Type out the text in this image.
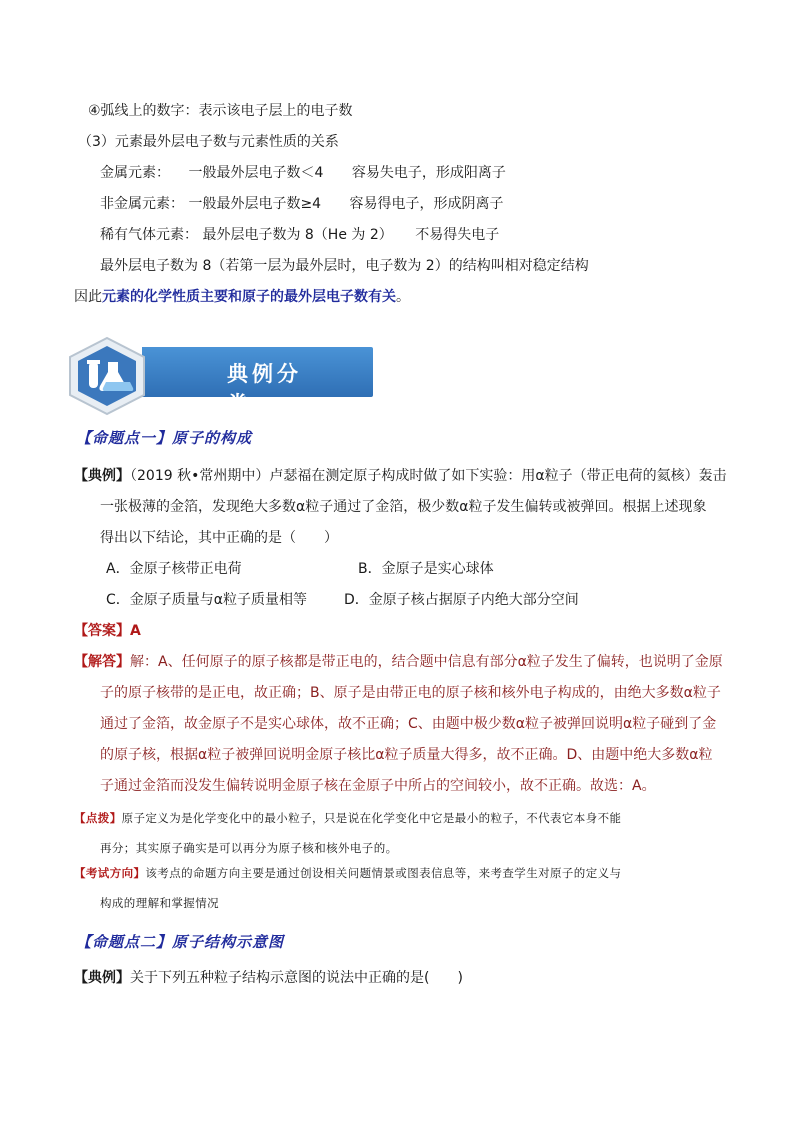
④弧线上的数字：表示该电子层上的电子数
（3）元素最外层电子数与元素性质的关系
金属元素： 一般最外层电子数＜4 容易失电子，形成阳离子
非金属元素： 一般最外层电子数≥4 容易得电子，形成阴离子
稀有气体元素： 最外层电子数为 8（He 为 2） 不易得失电子
最外层电子数为 8（若第一层为最外层时，电子数为 2）的结构叫相对稳定结构
因此元素的化学性质主要和原子的最外层电子数有关。
典例分类
【命题点一】原子的构成
【典例】（2019 秋•常州期中）卢瑟福在测定原子构成时做了如下实验：用α粒子（带正电荷的氦核）轰击
一张极薄的金箔，发现绝大多数α粒子通过了金箔，极少数α粒子发生偏转或被弹回。根据上述现象
得出以下结论，其中正确的是（　　）
A．金原子核带正电荷	B．金原子是实心球体
C．金原子质量与α粒子质量相等	D．金原子核占据原子内绝大部分空间
【答案】A
【解答】解：A、任何原子的原子核都是带正电的，结合题中信息有部分α粒子发生了偏转，也说明了金原
子的原子核带的是正电，故正确；B、原子是由带正电的原子核和核外电子构成的，由绝大多数α粒子
通过了金箔，故金原子不是实心球体，故不正确；C、由题中极少数α粒子被弹回说明α粒子碰到了金
的原子核，根据α粒子被弹回说明金原子核比α粒子质量大得多，故不正确。D、由题中绝大多数α粒
子通过金箔而没发生偏转说明金原子核在金原子中所占的空间较小，故不正确。故选：A。
【点拨】原子定义为是化学变化中的最小粒子，只是说在化学变化中它是最小的粒子，不代表它本身不能
再分；其实原子确实是可以再分为原子核和核外电子的。
【考试方向】该考点的命题方向主要是通过创设相关问题情景或图表信息等，来考查学生对原子的定义与
构成的理解和掌握情况
【命题点二】原子结构示意图
【典例】关于下列五种粒子结构示意图的说法中正确的是(　　)
